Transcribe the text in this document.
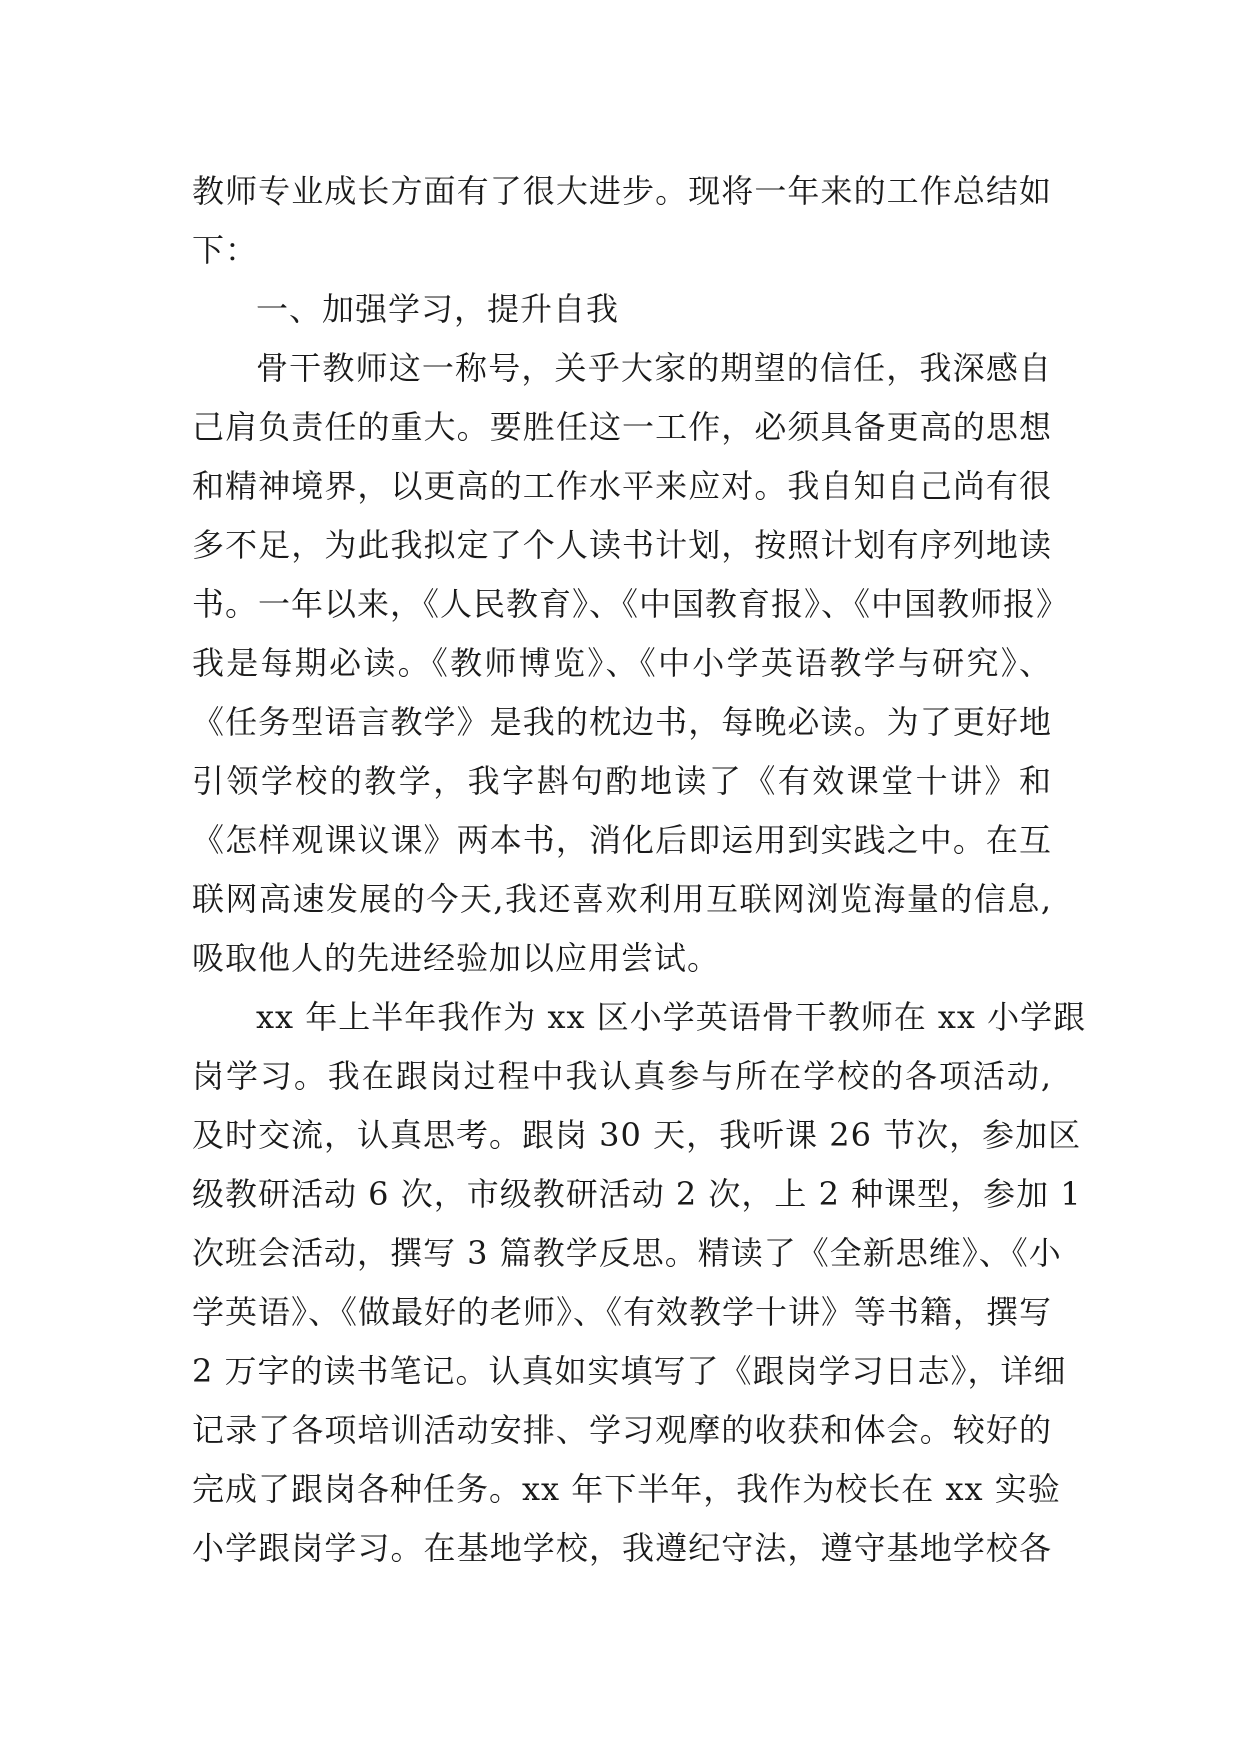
教师专业成长方面有了很大进步。现将一年来的工作总结如
下：
一、加强学习，提升自我
骨干教师这一称号，关乎大家的期望的信任，我深感自
己肩负责任的重大。要胜任这一工作，必须具备更高的思想
和精神境界，以更高的工作水平来应对。我自知自己尚有很
多不足，为此我拟定了个人读书计划，按照计划有序列地读
书。一年以来，《人民教育》、《中国教育报》、《中国教师报》
我是每期必读。《教师博览》、《中小学英语教学与研究》、
《任务型语言教学》是我的枕边书，每晚必读。为了更好地
引领学校的教学，我字斟句酌地读了《有效课堂十讲》和
《怎样观课议课》两本书，消化后即运用到实践之中。在互
联网高速发展的今天,我还喜欢利用互联网浏览海量的信息,
吸取他人的先进经验加以应用尝试。
xx 年上半年我作为 xx 区小学英语骨干教师在 xx 小学跟
岗学习。我在跟岗过程中我认真参与所在学校的各项活动,
及时交流，认真思考。跟岗 30 天，我听课 26 节次，参加区
级教研活动 6 次，市级教研活动 2 次，上 2 种课型，参加 1
次班会活动，撰写 3 篇教学反思。精读了《全新思维》、《小
学英语》、《做最好的老师》、《有效教学十讲》等书籍，撰写
2 万字的读书笔记。认真如实填写了《跟岗学习日志》，详细
记录了各项培训活动安排、学习观摩的收获和体会。较好的
完成了跟岗各种任务。xx 年下半年，我作为校长在 xx 实验
小学跟岗学习。在基地学校，我遵纪守法，遵守基地学校各
